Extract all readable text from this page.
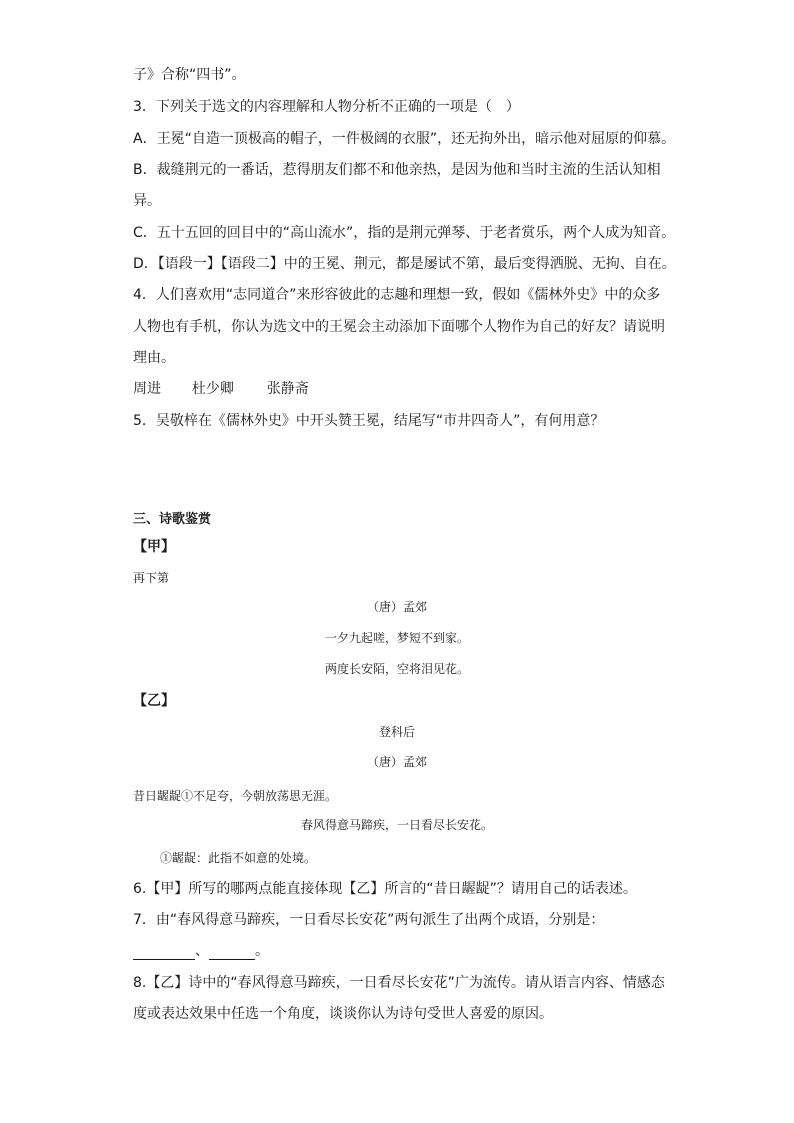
子》合称“四书”。
3．下列关于选文的内容理解和人物分析不正确的一项是（　）
A．王冕“自造一顶极高的帽子，一件极阔的衣服”，还无拘外出，暗示他对屈原的仰慕。
B．裁缝荆元的一番话，惹得朋友们都不和他亲热，是因为他和当时主流的生活认知相
异。
C．五十五回的回目中的“高山流水”，指的是荆元弹琴、于老者赏乐，两个人成为知音。
D．【语段一】【语段二】中的王冕、荆元，都是屡试不第，最后变得洒脱、无拘、自在。
4．人们喜欢用“志同道合”来形容彼此的志趣和理想一致，假如《儒林外史》中的众多
人物也有手机，你认为选文中的王冕会主动添加下面哪个人物作为自己的好友？请说明
理由。
周进 杜少卿 张静斋
5．吴敬梓在《儒林外史》中开头赞王冕，结尾写“市井四奇人”，有何用意？
三、诗歌鉴赏
【甲】
再下第
（唐）孟郊
一夕九起嗟，梦短不到家。
两度长安陌，空将泪见花。
【乙】
登科后
（唐）孟郊
昔日龌龊①不足夸，今朝放荡思无涯。
春风得意马蹄疾，一日看尽长安花。
①龌龊：此指不如意的处境。
6.【甲】所写的哪两点能直接体现【乙】所言的“昔日龌龊”？请用自己的话表述。
7．由“春风得意马蹄疾，一日看尽长安花”两句派生了出两个成语，分别是：
、	。
8.【乙】诗中的“春风得意马蹄疾，一日看尽长安花”广为流传。请从语言内容、情感态
度或表达效果中任选一个角度，谈谈你认为诗句受世人喜爱的原因。
